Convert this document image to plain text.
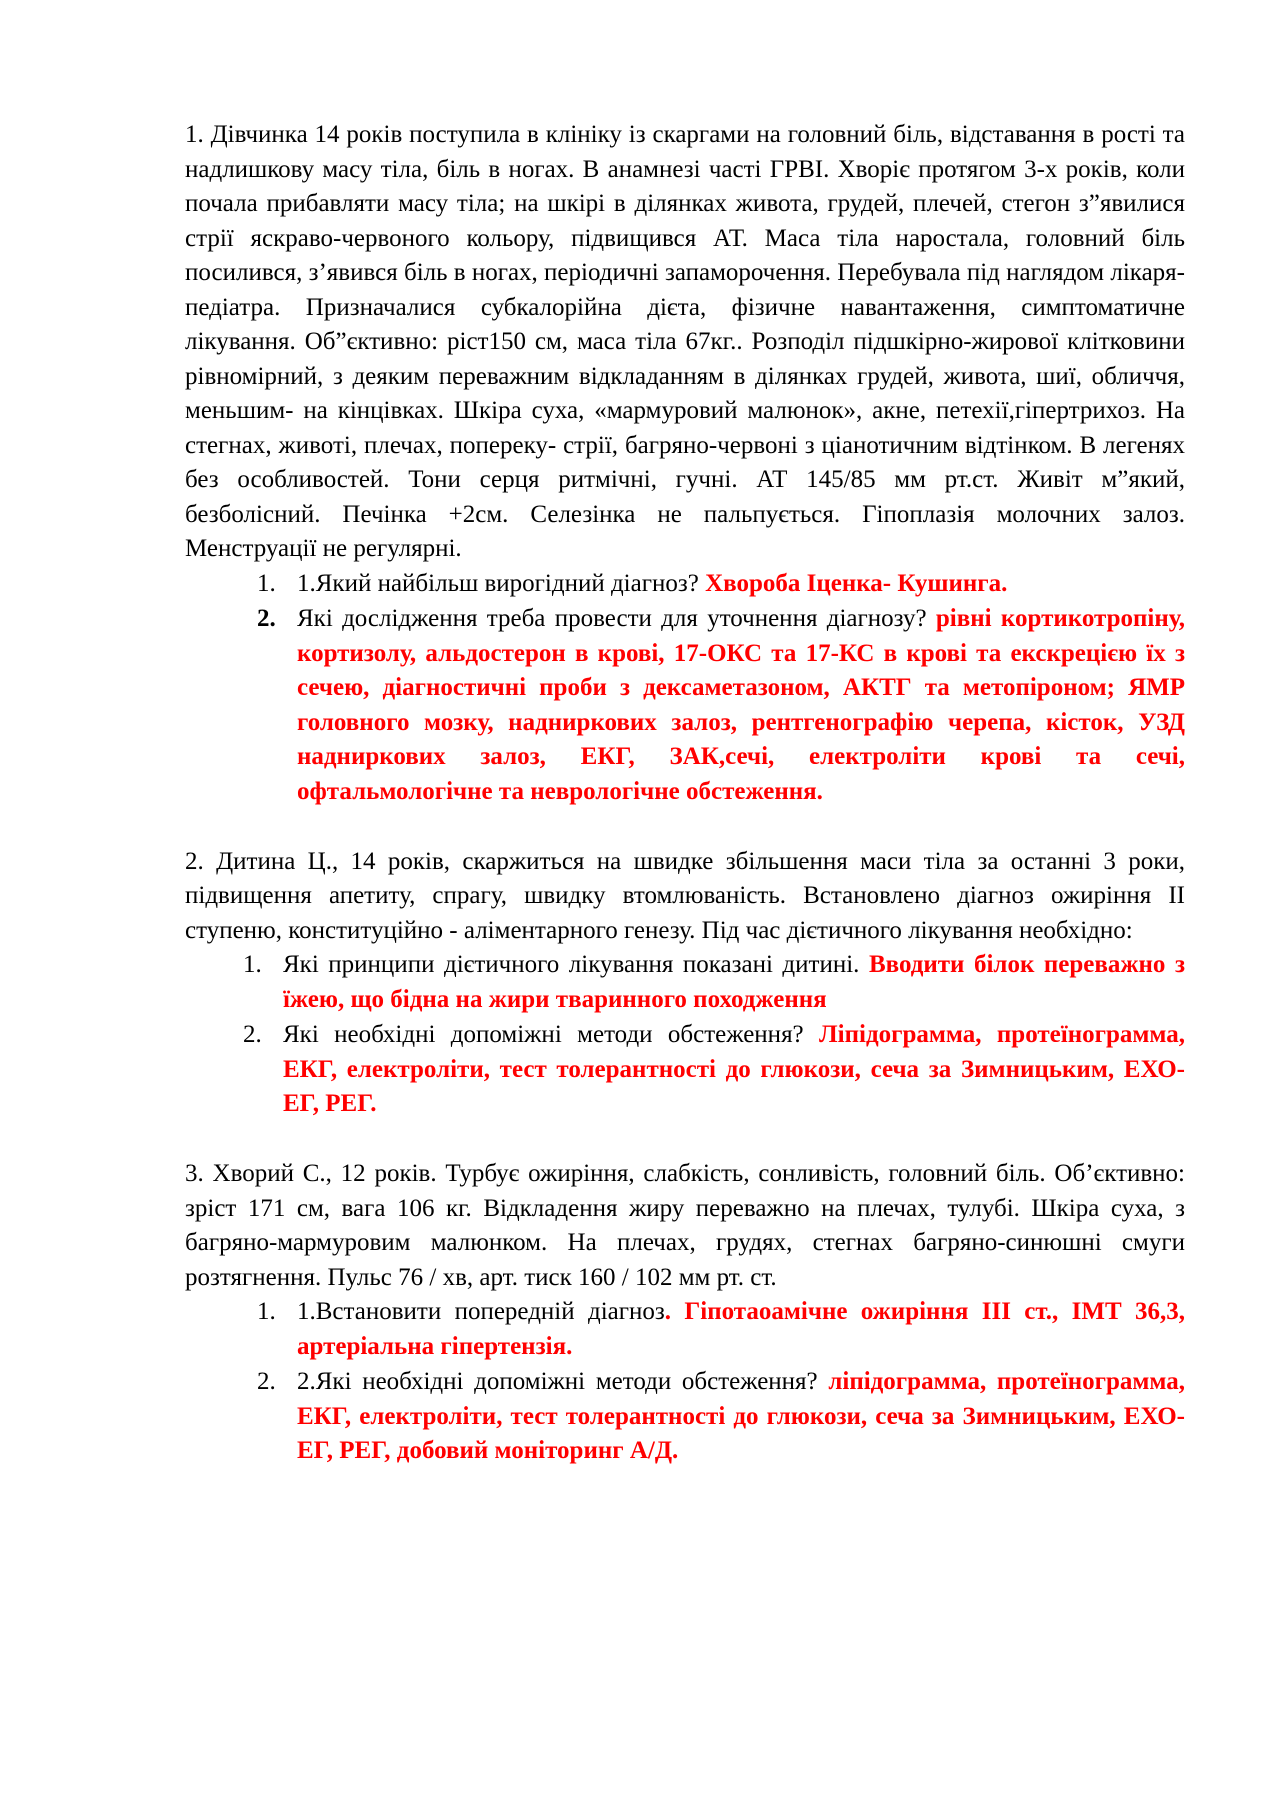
1. Дівчинка 14 років поступила в клініку із скаргами на головний біль, відставання в рості та надлишкову масу тіла, біль в ногах. В анамнезі часті ГРВІ. Хворіє протягом 3-х років, коли почала прибавляти масу тіла; на шкірі в ділянках живота, грудей, плечей, стегон з”явилися стрії яскраво-червоного кольору, підвищився АТ. Маса тіла наростала, головний біль посилився, з’явився біль в ногах, періодичні запаморочення. Перебувала під наглядом лікаря-педіатра. Призначалися субкалорійна дієта, фізичне навантаження, симптоматичне лікування. Об”єктивно: ріст150 см, маса тіла 67кг.. Розподіл підшкірно-жирової клітковини рівномірний, з деяким переважним відкладанням в ділянках грудей, живота, шиї, обличчя, меньшим- на кінцівках. Шкіра суха, «мармуровий малюнок», акне, петехії,гіпертрихоз. На стегнах, животі, плечах, попереку- стрії, багряно-червоні з ціанотичним відтінком. В легенях без особливостей. Тони серця ритмічні, гучні. АТ 145/85 мм рт.ст. Живіт м”який, безболісний. Печінка +2см. Селезінка не пальпується. Гіпоплазія молочних залоз. Менструації не регулярні.

1. 1.Який найбільш вирогідний діагноз? Хвороба Іценка- Кушинга.
2. Які дослідження треба провести для уточнення діагнозу? рівні кортикотропіну, кортизолу, альдостерон в крові, 17-ОКС та 17-КС в крові та екскрецією їх з сечею, діагностичні проби з дексаметазоном, АКТГ та метопіроном; ЯМР головного мозку, надниркових залоз, рентгенографію черепа, кісток, УЗД надниркових залоз, ЕКГ, ЗАК,сечі, електроліти крові та сечі, офтальмологічне та неврологічне обстеження.

2. Дитина Ц., 14 років, скаржиться на швидке збільшення маси тіла за останні 3 роки, підвищення апетиту, спрагу, швидку втомлюваність. Встановлено діагноз ожиріння ІІ ступеню, конституційно - аліментарного генезу. Під час дієтичного лікування необхідно:

1. Які принципи дієтичного лікування показані дитині. Вводити білок переважно з їжею, що бідна на жири тваринного походження
2. Які необхідні допоміжні методи обстеження? Ліпідограмма, протеїнограмма, ЕКГ, електроліти, тест толерантності до глюкози, сеча за Зимницьким, ЕХО-ЕГ, РЕГ.

3. Хворий С., 12 років. Турбує ожиріння, слабкість, сонливість, головний біль. Об’єктивно: зріст 171 см, вага 106 кг. Відкладення жиру переважно на плечах, тулубі. Шкіра суха, з багряно-мармуровим малюнком. На плечах, грудях, стегнах багряно-синюшні смуги розтягнення. Пульс 76 / хв, арт. тиск 160 / 102 мм рт. ст.

1. 1.Встановити попередній діагноз. Гіпотаоамічне ожиріння ІІІ ст., ІМТ 36,3, артеріальна гіпертензія.
2. 2.Які необхідні допоміжні методи обстеження? ліпідограмма, протеїнограмма, ЕКГ, електроліти, тест толерантності до глюкози, сеча за Зимницьким, ЕХО-ЕГ, РЕГ, добовий моніторинг А/Д.
